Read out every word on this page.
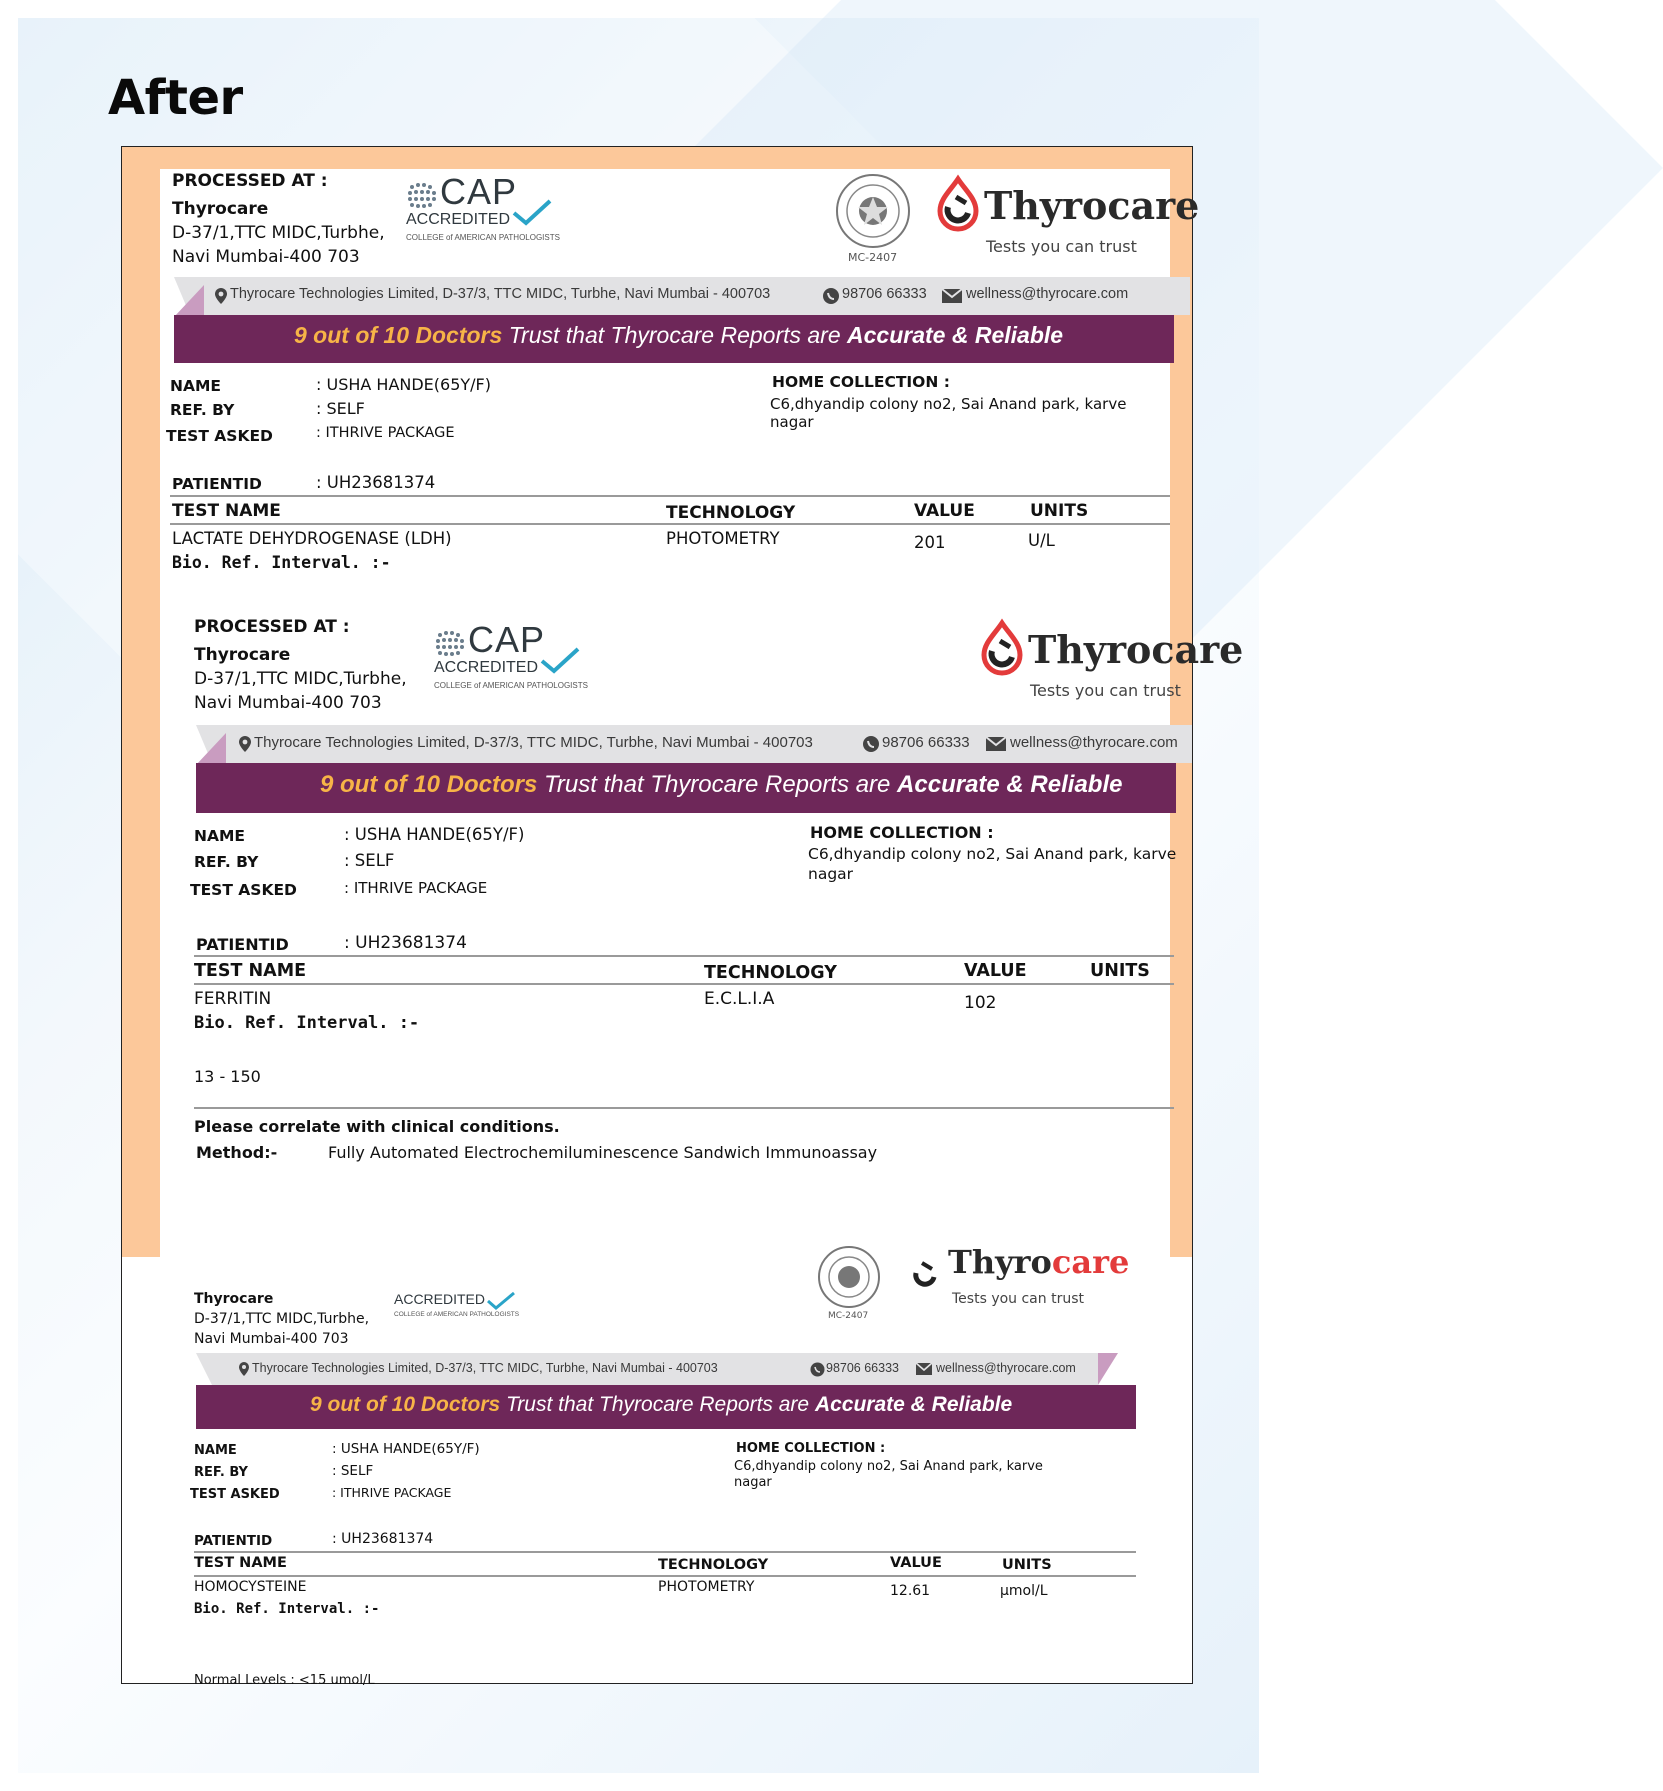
After
PROCESSED AT :
Thyrocare
D-37/1,TTC MIDC,Turbhe,
Navi Mumbai-400 703
CAP
ACCREDITED
COLLEGE of AMERICAN PATHOLOGISTS
MC-2407
Thyrocare
Tests you can trust
Thyrocare Technologies Limited, D-37/3, TTC MIDC, Turbhe, Navi Mumbai - 400703	98706 66333	wellness@thyrocare.com
9 out of 10 Doctors Trust that Thyrocare Reports are Accurate & Reliable
NAME	: USHA HANDE(65Y/F)
REF. BY	: SELF
TEST ASKED	: ITHRIVE PACKAGE
HOME COLLECTION :
C6,dhyandip colony no2, Sai Anand park, karve
nagar
PATIENTID	: UH23681374
TEST NAME	TECHNOLOGY	VALUE	UNITS
LACTATE DEHYDROGENASE (LDH)	PHOTOMETRY	201	U/L
Bio. Ref. Interval. :-
PROCESSED AT :
Thyrocare
D-37/1,TTC MIDC,Turbhe,
Navi Mumbai-400 703
CAP
ACCREDITED
COLLEGE of AMERICAN PATHOLOGISTS
Thyrocare
Tests you can trust
Thyrocare Technologies Limited, D-37/3, TTC MIDC, Turbhe, Navi Mumbai - 400703	98706 66333	wellness@thyrocare.com
9 out of 10 Doctors Trust that Thyrocare Reports are Accurate & Reliable
NAME	: USHA HANDE(65Y/F)
REF. BY	: SELF
TEST ASKED	: ITHRIVE PACKAGE
HOME COLLECTION :
C6,dhyandip colony no2, Sai Anand park, karve
nagar
PATIENTID	: UH23681374
TEST NAME	TECHNOLOGY	VALUE	UNITS
FERRITIN	E.C.L.I.A	102
Bio. Ref. Interval. :-
13 - 150
Please correlate with clinical conditions.
Method:-	Fully Automated Electrochemiluminescence Sandwich Immunoassay
Thyrocare
D-37/1,TTC MIDC,Turbhe,
Navi Mumbai-400 703
ACCREDITED
COLLEGE of AMERICAN PATHOLOGISTS	MC-2407
Thyrocare
Tests you can trust
Thyrocare Technologies Limited, D-37/3, TTC MIDC, Turbhe, Navi Mumbai - 400703	98706 66333	wellness@thyrocare.com
9 out of 10 Doctors Trust that Thyrocare Reports are Accurate & Reliable
NAME	: USHA HANDE(65Y/F)
REF. BY	: SELF
TEST ASKED	: ITHRIVE PACKAGE
HOME COLLECTION :
C6,dhyandip colony no2, Sai Anand park, karve
nagar
PATIENTID	: UH23681374
TEST NAME	TECHNOLOGY	VALUE	UNITS
HOMOCYSTEINE	PHOTOMETRY	12.61	µmol/L
Bio. Ref. Interval. :-
Normal Levels : <15 umol/L
